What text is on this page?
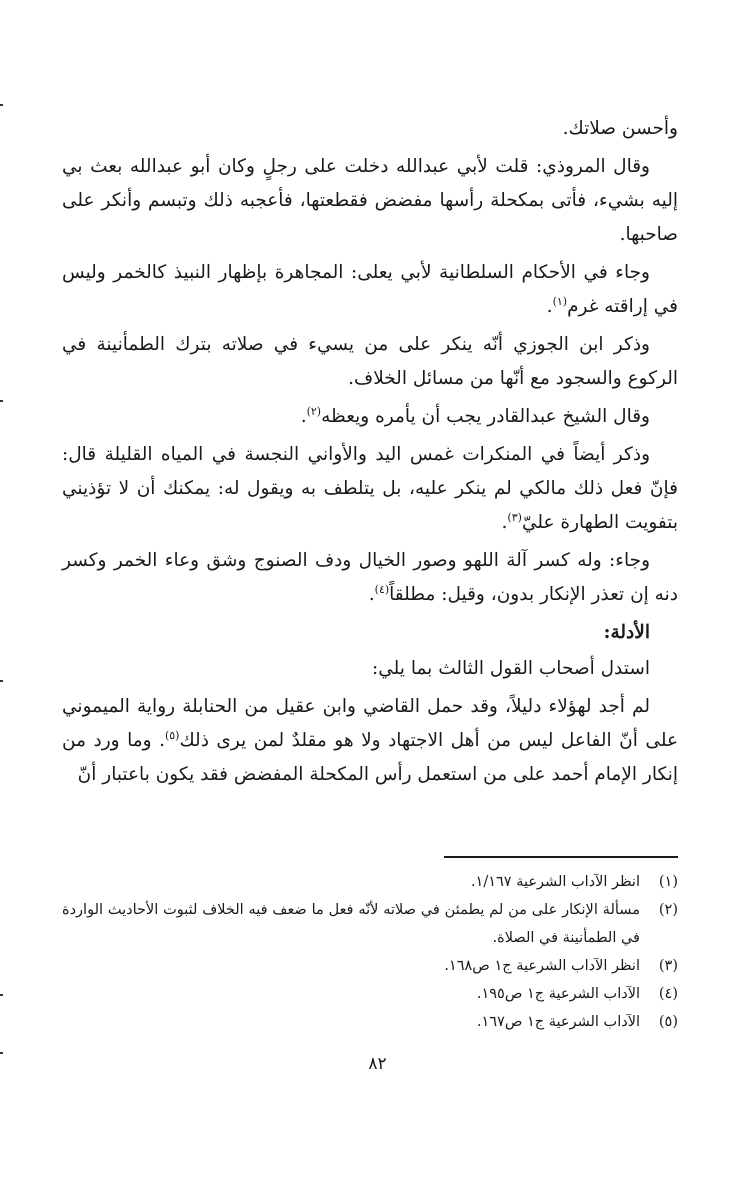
وأحسن صلاتك.

وقال المروذي: قلت لأبي عبدالله دخلت على رجلٍ وكان أبو عبدالله بعث بي إليه بشيء، فأتى بمكحلة رأسها مفضض فقطعتها، فأعجبه ذلك وتبسم وأنكر على صاحبها.

وجاء في الأحكام السلطانية لأبي يعلى: المجاهرة بإظهار النبيذ كالخمر وليس في إراقته غرم$^{(١)}$.

وذكر ابن الجوزي أنّه ينكر على من يسيء في صلاته بترك الطمأنينة في الركوع والسجود مع أنّها من مسائل الخلاف.

وقال الشيخ عبدالقادر يجب أن يأمره ويعظه$^{(٢)}$.

وذكر أيضاً في المنكرات غمس اليد والأواني النجسة في المياه القليلة قال: فإنّ فعل ذلك مالكي لم ينكر عليه، بل يتلطف به ويقول له: يمكنك أن لا تؤذيني بتفويت الطهارة عليّ$^{(٣)}$.

وجاء: وله كسر آلة اللهو وصور الخيال ودف الصنوج وشق وعاء الخمر وكسر دنه إن تعذر الإنكار بدون، وقيل: مطلقاً$^{(٤)}$.

الأدلة:

استدل أصحاب القول الثالث بما يلي:

لم أجد لهؤلاء دليلاً، وقد حمل القاضي وابن عقيل من الحنابلة رواية الميموني على أنّ الفاعل ليس من أهل الاجتهاد ولا هو مقلدٌ لمن يرى ذلك$^{(٥)}$. وما ورد من إنكار الإمام أحمد على من استعمل رأس المكحلة المفضض فقد يكون باعتبار أنّ

(١)
انظر الآداب الشرعية ١/١٦٧.
(٢)
مسألة الإنكار على من لم يطمئن في صلاته لأنّه فعل ما ضعف فيه الخلاف لثبوت الأحاديث الواردة في الطمأنينة في الصلاة.
(٣)
انظر الآداب الشرعية ج١ ص١٦٨.
(٤)
الآداب الشرعية ج١ ص١٩٥.
(٥)
الآداب الشرعية ج١ ص١٦٧.
٨٢
